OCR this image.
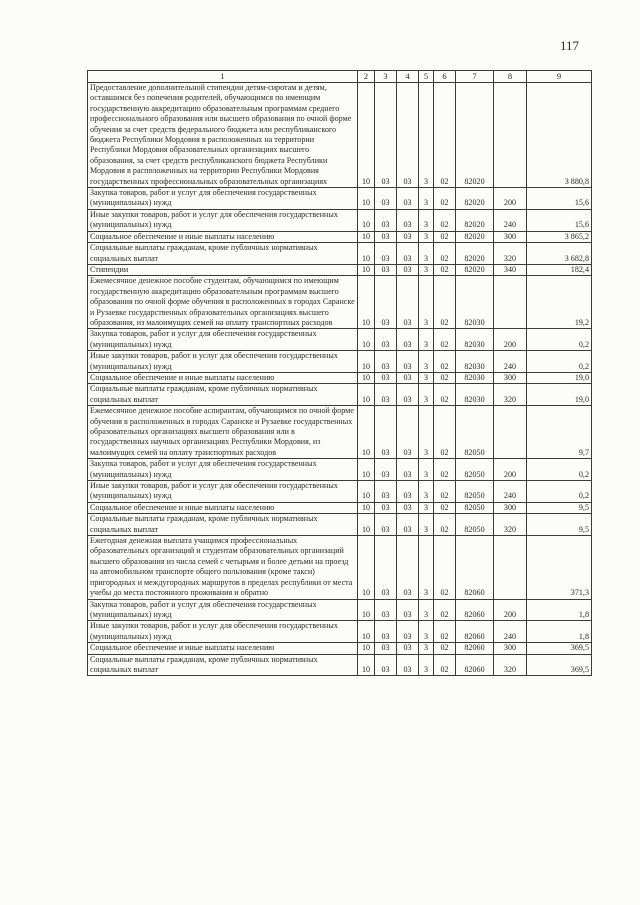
117
1	2	3	4	5	6	7	8	9
Предоставление дополнительной стипендии детям-сиротам и детям, оставшимся без попечения родителей, обучающимся по имеющим государственную аккредитацию образовательным программам среднего профессионального образования или высшего образования по очной форме обучения за счет средств федерального бюджета или республиканского бюджета Республики Мордовия в расположенных на территории Республики Мордовия образовательных организациях высшего образования, за счет средств республиканского бюджета Республики Мордовия в расположенных на территории Республики Мордовия государственных профессиональных образовательных организациях	10	03	03	3	02	82020		3 880,8
Закупка товаров, работ и услуг для обеспечения государственных (муниципальных) нужд	10	03	03	3	02	82020	200	15,6
Иные закупки товаров, работ и услуг для обеспечения государственных (муниципальных) нужд	10	03	03	3	02	82020	240	15,6
Социальное обеспечение и иные выплаты населению	10	03	03	3	02	82020	300	3 865,2
Социальные выплаты гражданам, кроме публичных нормативных социальных выплат	10	03	03	3	02	82020	320	3 682,8
Стипендии	10	03	03	3	02	82020	340	182,4
Ежемесячное денежное пособие студентам, обучающимся по имеющим государственную аккредитацию образовательным программам высшего образования по очной форме обучения в расположенных в городах Саранске и Рузаевке государственных образовательных организациях высшего образования, из малоимущих семей на оплату транспортных расходов	10	03	03	3	02	82030		19,2
Закупка товаров, работ и услуг для обеспечения государственных (муниципальных) нужд	10	03	03	3	02	82030	200	0,2
Иные закупки товаров, работ и услуг для обеспечения государственных (муниципальных) нужд	10	03	03	3	02	82030	240	0,2
Социальное обеспечение и иные выплаты населению	10	03	03	3	02	82030	300	19,0
Социальные выплаты гражданам, кроме публичных нормативных социальных выплат	10	03	03	3	02	82030	320	19,0
Ежемесячное денежное пособие аспирантам, обучающимся по очной форме обучения в расположенных в городах Саранске и Рузаевке государственных образовательных организациях высшего образования или в государственных научных организациях Республики Мордовия, из малоимущих семей на оплату транспортных расходов	10	03	03	3	02	82050		9,7
Закупка товаров, работ и услуг для обеспечения государственных (муниципальных) нужд	10	03	03	3	02	82050	200	0,2
Иные закупки товаров, работ и услуг для обеспечения государственных (муниципальных) нужд	10	03	03	3	02	82050	240	0,2
Социальное обеспечение и иные выплаты населению	10	03	03	3	02	82050	300	9,5
Социальные выплаты гражданам, кроме публичных нормативных социальных выплат	10	03	03	3	02	82050	320	9,5
Ежегодная денежная выплата учащимся профессиональных образовательных организаций и студентам образовательных организаций высшего образования из числа семей с четырьмя и более детьми на проезд на автомобильном транспорте общего пользования (кроме такси) пригородных и междугородных маршрутов в пределах республики от места учебы до места постоянного проживания и обратно	10	03	03	3	02	82060		371,3
Закупка товаров, работ и услуг для обеспечения государственных (муниципальных) нужд	10	03	03	3	02	82060	200	1,8
Иные закупки товаров, работ и услуг для обеспечения государственных (муниципальных) нужд	10	03	03	3	02	82060	240	1,8
Социальное обеспечение и иные выплаты населению	10	03	03	3	02	82060	300	369,5
Социальные выплаты гражданам, кроме публичных нормативных социальных выплат	10	03	03	3	02	82060	320	369,5
